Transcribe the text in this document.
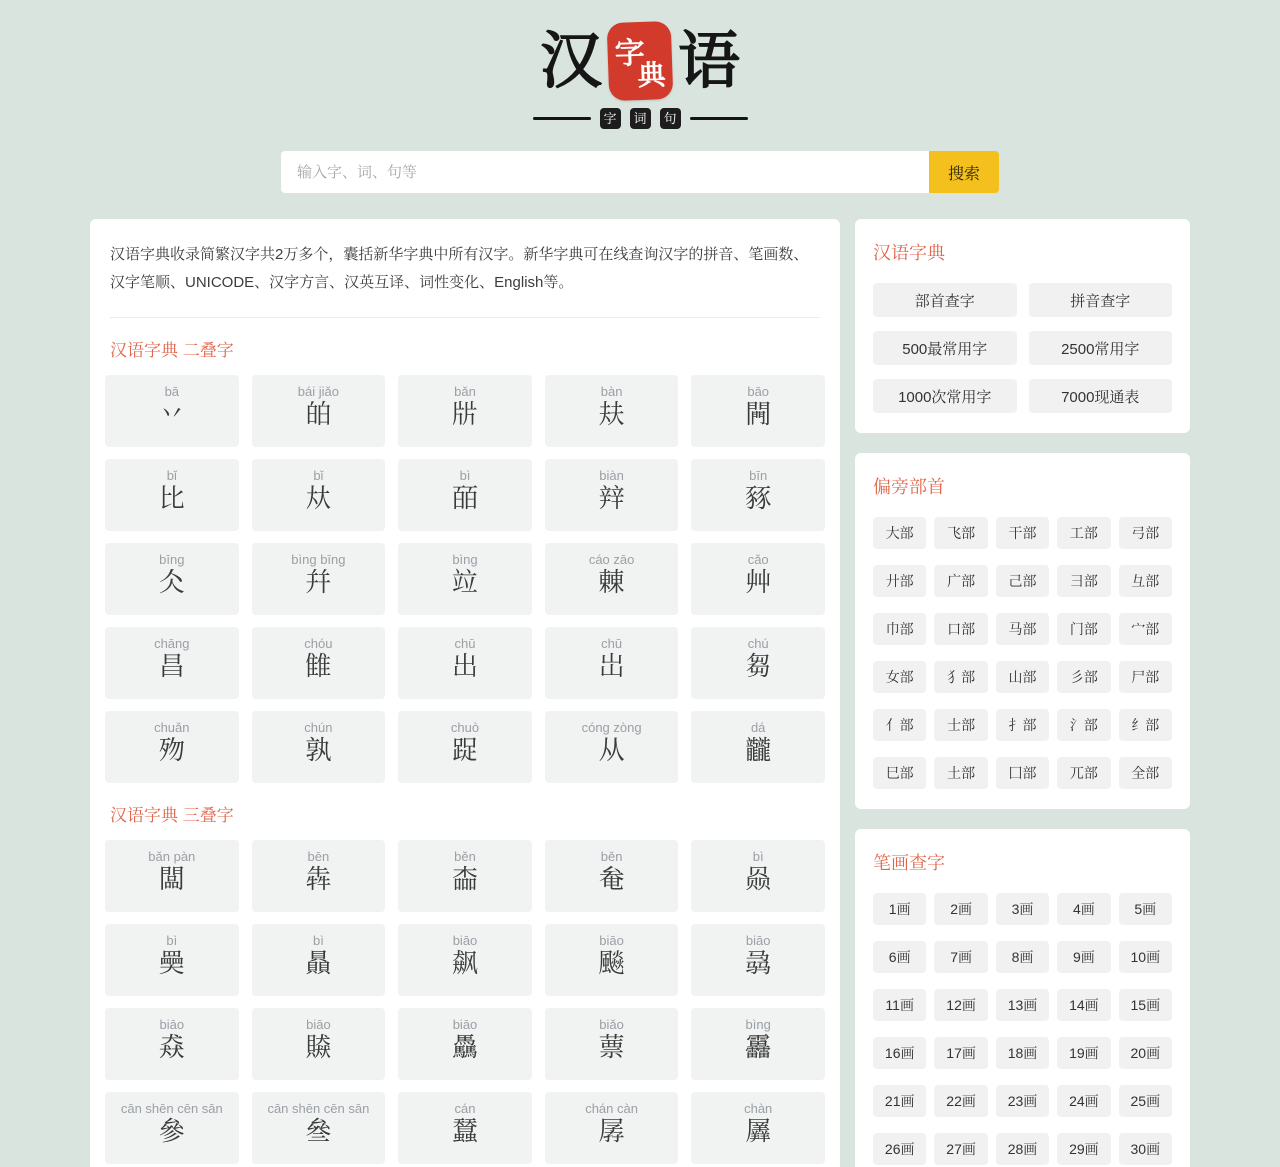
汉 字
典 语
字	词	句
输入字、词、句等
搜索

汉语字典收录简繁汉字共2万多个，囊括新华字典中所有汉字。新华字典可在线查询汉字的拼音、笔画数、汉字笔顺、UNICODE、汉字方言、汉英互译、词性变化、English等。

汉语字典 二叠字
bā
丷
bái jiǎo
㿟
bǎn
㸞
bàn
㚘
bāo
闁
bǐ
比
bǐ
夶
bì
皕
biàn
辡
bīn
豩
bīng
仌
bìng bīng
幷
bìng
竝
cáo zāo
㯥
cǎo
艸
chāng
昌
chóu
雔
chū
出
chū
岀
chú
芻
chuǎn
歾
chún
孰
chuò
踀
cóng zòng
从
dá
龖
汉语字典 三叠字
bǎn pàn
闆
bēn
犇
běn
楍
běn
奙
bì
赑
bì
奰
bì
贔
biāo
飙
biāo
飈
biāo
骉
biāo
猋
biāo
贆
biāo
驫
biǎo
蔈
bìng
靐
cān shēn cēn sān
參
cān shēn cēn sān
叄
cán
蠺
chán càn
孱
chàn
羼
汉语字典
部首查字	拼音查字
500最常用字	2500常用字
1000次常用字	7000现通表
偏旁部首
大部	飞部	干部	工部	弓部
廾部	广部	己部	彐部	彑部
巾部	口部	马部	门部	宀部
女部	犭部	山部	彡部	尸部
亻部	士部	扌部	氵部	纟部
巳部	土部	囗部	兀部	全部
笔画查字
1画	2画	3画	4画	5画
6画	7画	8画	9画	10画
11画	12画	13画	14画	15画
16画	17画	18画	19画	20画
21画	22画	23画	24画	25画
26画	27画	28画	29画	30画
